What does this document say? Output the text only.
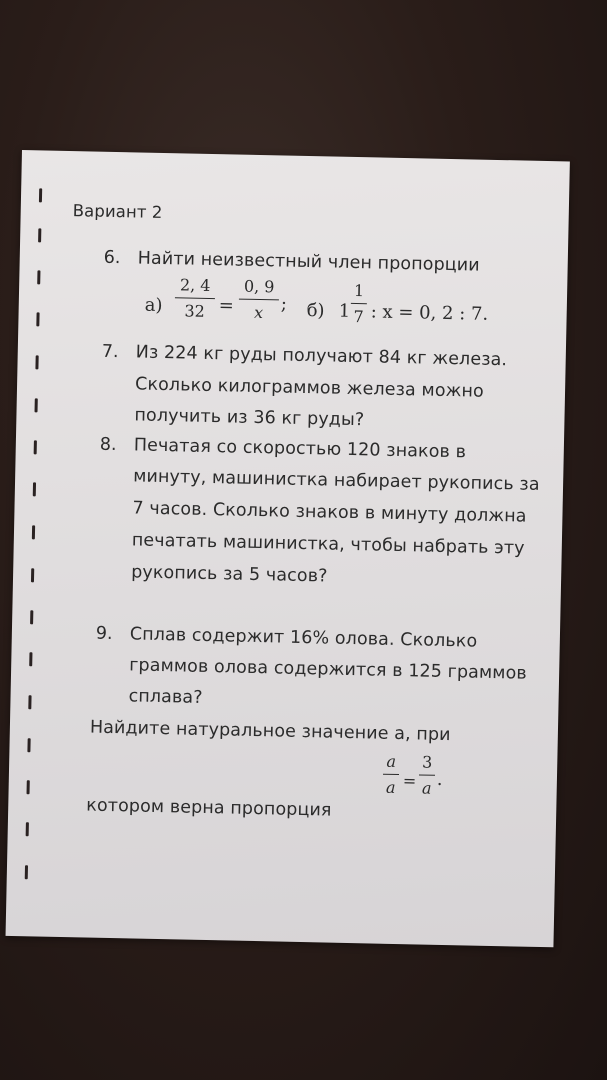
Вариант 2
6. Найти неизвестный член пропорции
а)
2, 4
32 =
0, 9
x ; б) 1
1
7 : x = 0, 2 : 7.
7. Из 224 кг руды получают 84 кг железа.
Сколько килограммов железа можно
получить из 36 кг руды?
8. Печатая со скоростью 120 знаков в
минуту, машинистка набирает рукопись за
7 часов. Сколько знаков в минуту должна
печатать машинистка, чтобы набрать эту
рукопись за 5 часов?
9. Сплав содержит 16% олова. Сколько
граммов олова содержится в 125 граммов
сплава?
Найдите натуральное значение а, при
a
a =
3
a .
котором верна пропорция
